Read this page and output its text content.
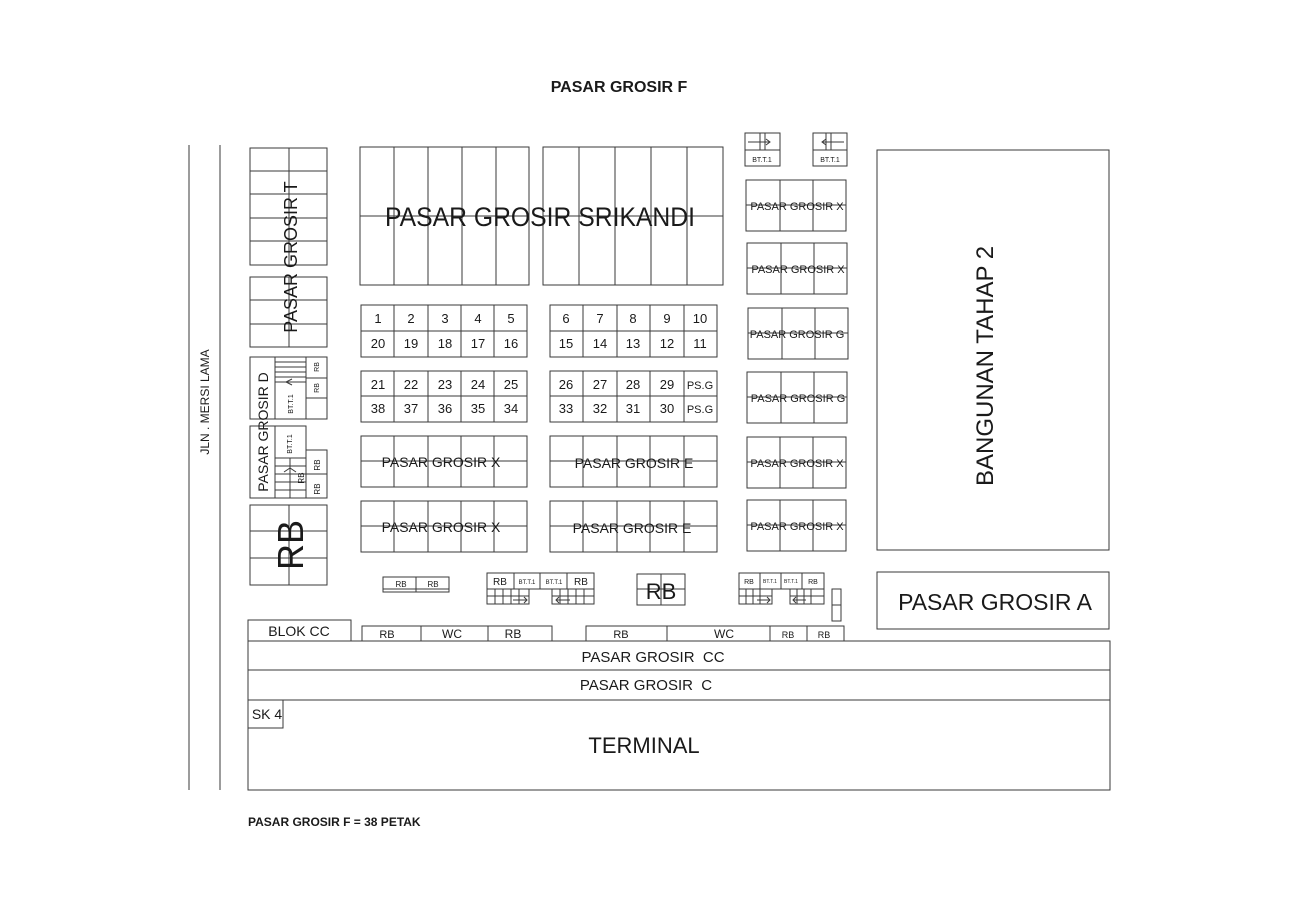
PASAR GROSIR F
PASAR GROSIR F = 38 PETAK
JLN . MERSI LAMA
PASAR GROSIR T
RB
RB
BT.T.1
BT.T.1
RB
RB
RB
PASAR GROSIR D
RB
PASAR GROSIR SRIKANDI
1 2 3 4 5
20 19 18 17 16
6 7 8 9 10
15 14 13 12 11
21 22 23 24 25
38 37 36 35 34
26 27 28 29 PS.G
33 32 31 30 PS.G
PASAR GROSIR X	PASAR GROSIR E
PASAR GROSIR X	PASAR GROSIR E
BT.T.1	BT.T.1
PASAR GROSIR X
PASAR GROSIR X
PASAR GROSIR G
PASAR GROSIR G
PASAR GROSIR X
PASAR GROSIR X
BANGUNAN TAHAP 2
PASAR GROSIR A
RB	RB	RB BT.T.1 BT.T.1 RB	RB	RB BT.T.1 BT.T.1 RB
BLOK CC	RB	WC	RB	RB	WC	RB	RB
PASAR GROSIR  CC
PASAR GROSIR  C
SK 4
TERMINAL
